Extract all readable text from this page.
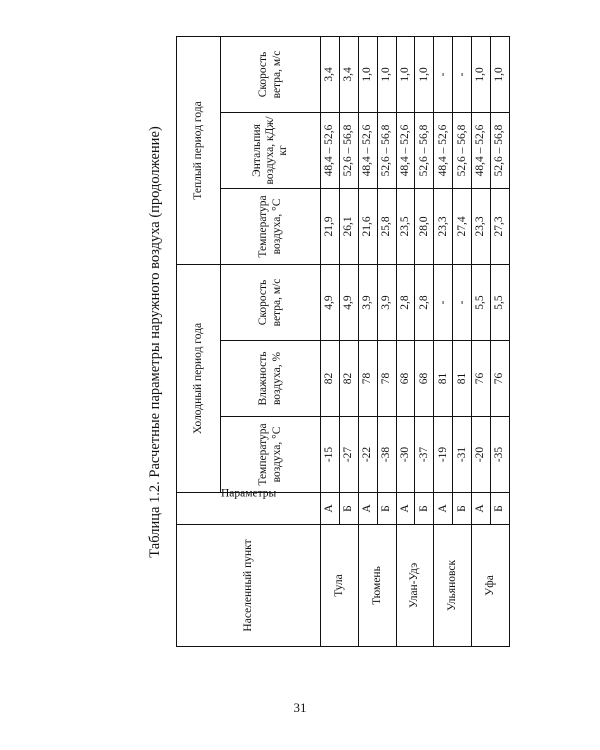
Таблица 1.2. Расчетные параметры наружного воздуха (продолжение)
Населенный пункт	Параметры	Холодный период года			Теплый период года		
		Температура воздуха, °C	Влажность воздуха, %	Скорость ветра, м/с	Температура воздуха, °C	Энтальпия воздуха, кДж/кг	Скорость ветра, м/с
Тула	А	-15	82	4,9	21,9	48,4 – 52,6	3,4
	Б	-27	82	4,9	26,1	52,6 – 56,8	3,4
Тюмень	А	-22	78	3,9	21,6	48,4 – 52,6	1,0
	Б	-38	78	3,9	25,8	52,6 – 56,8	1,0
Улан-Удэ	А	-30	68	2,8	23,5	48,4 – 52,6	1,0
	Б	-37	68	2,8	28,0	52,6 – 56,8	1,0
Ульяновск	А	-19	81	-	23,3	48,4 – 52,6	-
	Б	-31	81	-	27,4	52,6 – 56,8	-
Уфа	А	-20	76	5,5	23,3	48,4 – 52,6	1,0
	Б	-35	76	5,5	27,3	52,6 – 56,8	1,0
31
